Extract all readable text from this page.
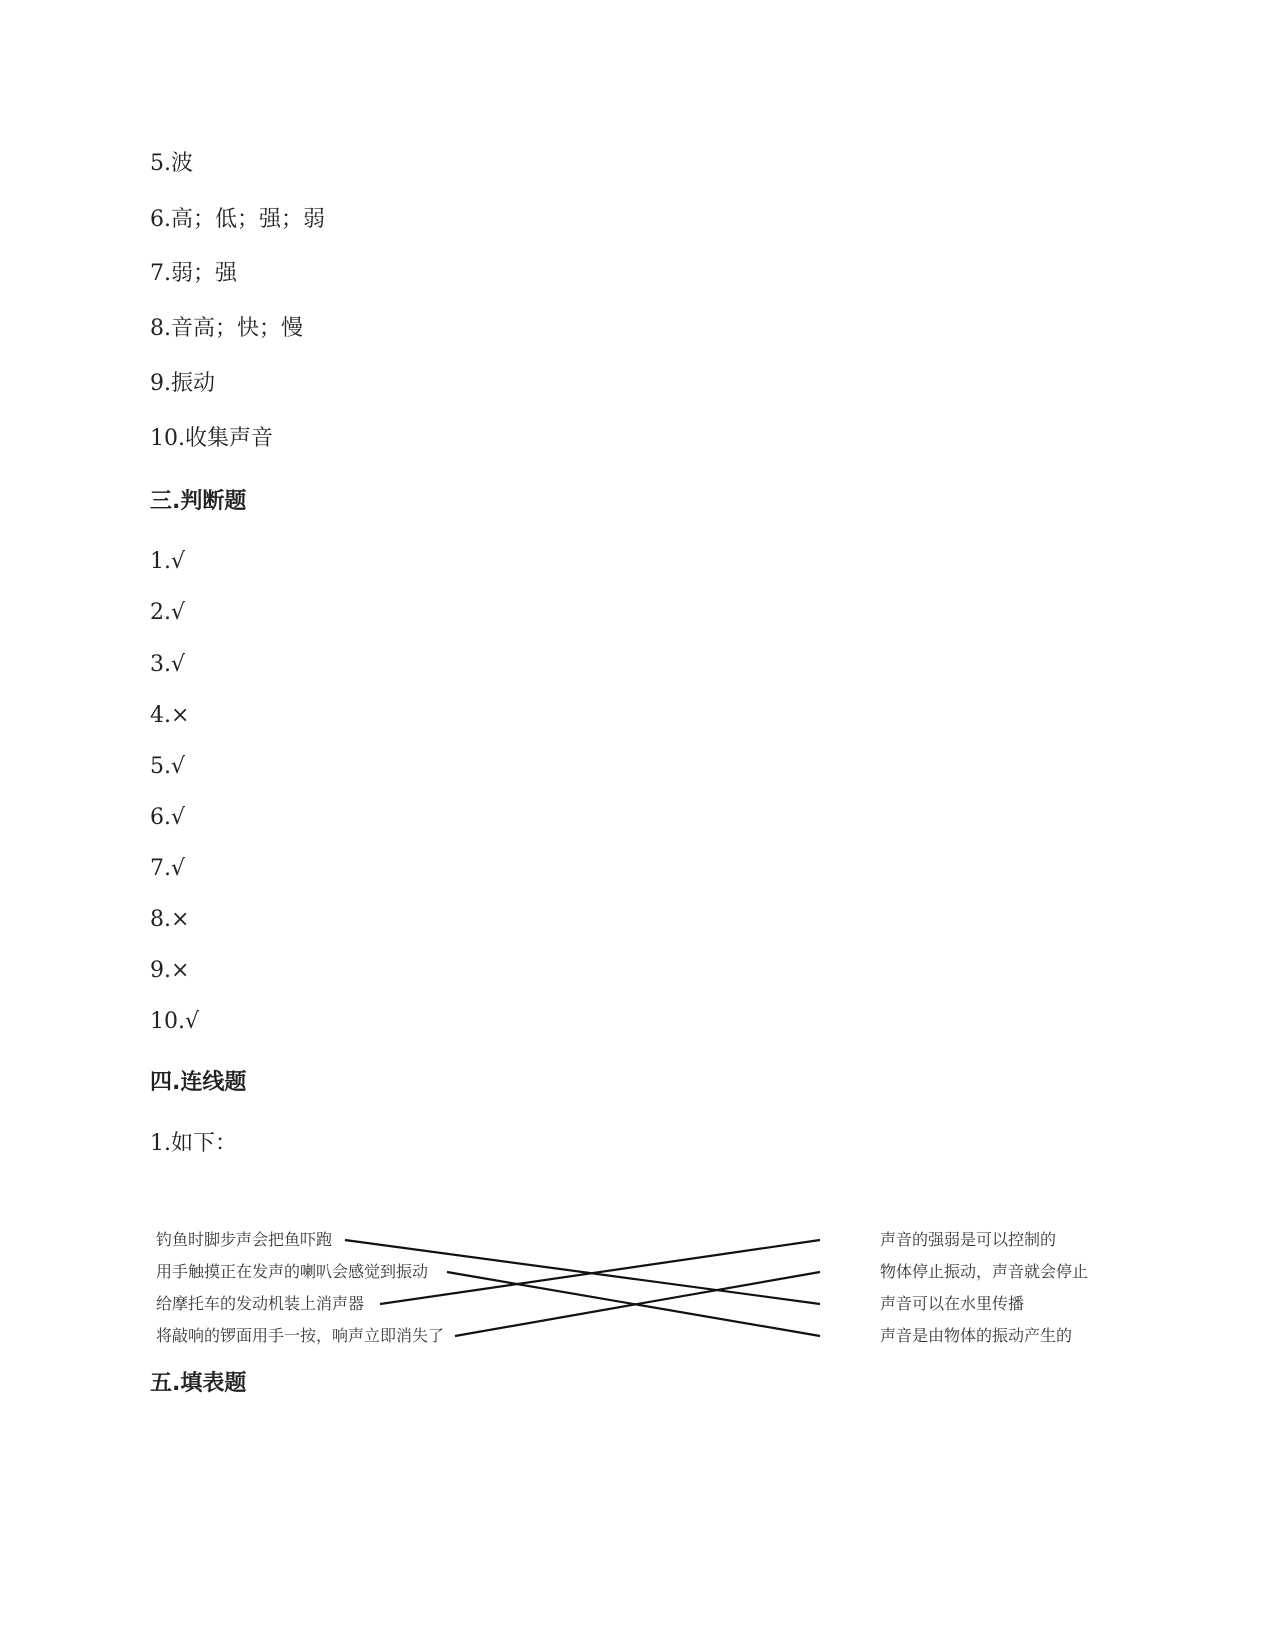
5.波
6.高；低；强；弱
7.弱；强
8.音高；快；慢
9.振动
10.收集声音
三.判断题
1.√
2.√
3.√
4.×
5.√
6.√
7.√
8.×
9.×
10.√
四.连线题
1.如下：
钓鱼时脚步声会把鱼吓跑
用手触摸正在发声的喇叭会感觉到振动
给摩托车的发动机装上消声器
将敲响的锣面用手一按，响声立即消失了
声音的强弱是可以控制的
物体停止振动，声音就会停止
声音可以在水里传播
声音是由物体的振动产生的
五.填表题
